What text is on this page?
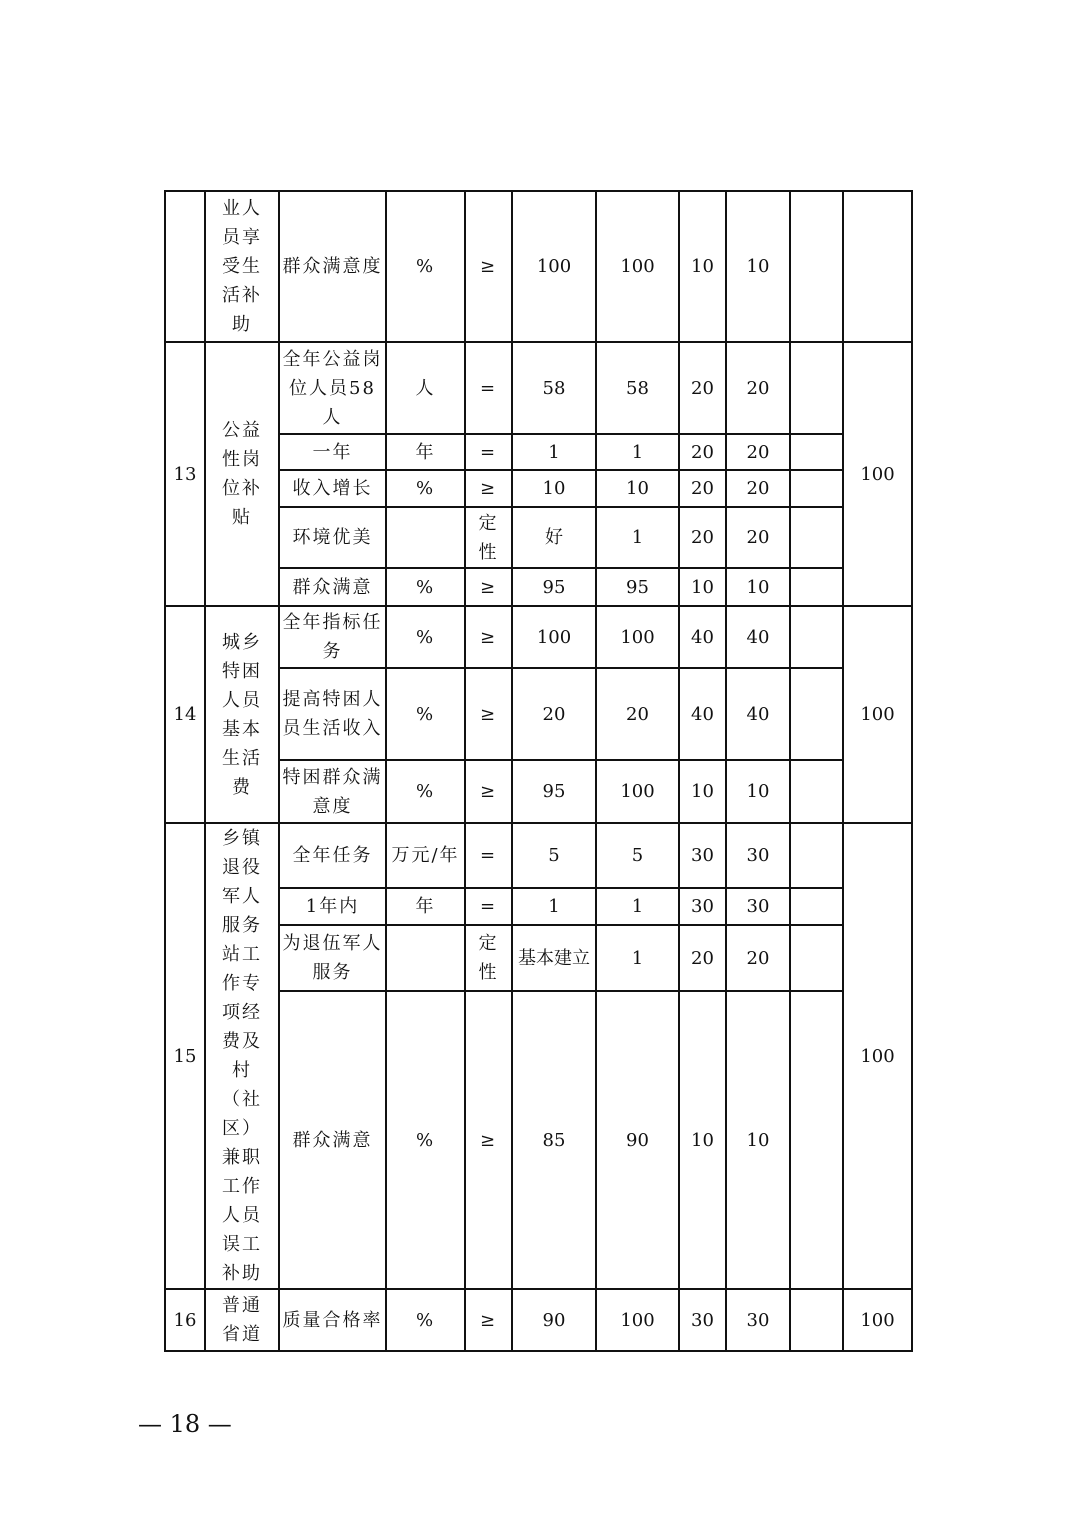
	业人员享受生活补助	群众满意度	%	≥	100	100	10	10		
13	公益性岗位补贴	全年公益岗位人员58人	人	=	58	58	20	20		100
		一年	年	=	1	1	20	20		
		收入增长	%	≥	10	10	20	20		
		环境优美		定性	好	1	20	20		
		群众满意	%	≥	95	95	10	10		
14	城乡特困人员基本生活费	全年指标任务	%	≥	100	100	40	40		100
		提高特困人员生活收入	%	≥	20	20	40	40		
		特困群众满意度	%	≥	95	100	10	10		
15	乡镇退役军人服务站工作专项经费及村（社区）兼职工作人员误工补助	全年任务	万元/年	=	5	5	30	30		100
		1年内	年	=	1	1	30	30		
		为退伍军人服务		定性	基本建立	1	20	20		
		群众满意	%	≥	85	90	10	10		
16	普通省道	质量合格率	%	≥	90	100	30	30		100
— 18 —
